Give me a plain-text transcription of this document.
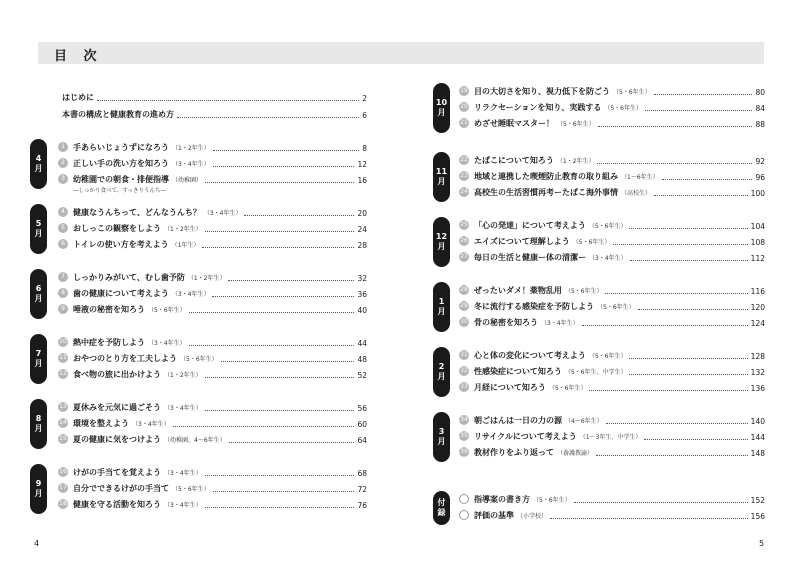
目 次
はじめに	2
本書の構成と健康教育の進め方	6
4
月
1	手あらいじょうずになろう （1・2年生）	8
2	正しい手の洗い方を知ろう （3・4年生）	12
3	幼稚園での朝食・排便指導 （幼稚園）	16
―しっかり食べて、すっきりうんち―
5
月
4	健康なうんちって、どんなうんち？ （3・4年生）	20
5	おしっこの観察をしよう （1・2年生）	24
6	トイレの使い方を考えよう （1年生）	28
6
月
7	しっかりみがいて、むし歯予防 （1・2年生）	32
8	歯の健康について考えよう （3・4年生）	36
9	唾液の秘密を知ろう （5・6年生）	40
7
月
10 熱中症を予防しよう （3・4年生）	44
11 おやつのとり方を工夫しよう （5・6年生）	48
12 食べ物の旅に出かけよう （1・2年生）	52
8
月
13 夏休みを元気に過ごそう （3・4年生）	56
14 環境を整えよう （3・4年生）	60
15 夏の健康に気をつけよう （幼稚園、4～6年生）	64
9
月
16 けがの手当てを覚えよう （3・4年生）	68
17 自分でできるけがの手当て （5・6年生）	72
18 健康を守る活動を知ろう （3・4年生）	76
10
月
19 目の大切さを知り、視力低下を防ごう （5・6年生）	80
20 リラクセーションを知り、実践する （5・6年生）	84
21 めざせ睡眠マスター！ （5・6年生）	88
11
月
22 たばこについて知ろう （1・2年生）	92
23 地域と連携した喫煙防止教育の取り組み （1～6年生）	96
24 高校生の生活習慣再考ーたばこ海外事情 （高校生）	100
12
月
25 「心の発達」について考えよう （5・6年生）	104
26 エイズについて理解しよう （5・6年生）	108
27 毎日の生活と健康ー体の清潔ー （3・4年生）	112
1
月
28 ぜったいダメ！薬物乱用 （5・6年生）	116
29 冬に流行する感染症を予防しよう （5・6年生）	120
30 骨の秘密を知ろう （3・4年生）	124
2
月
31 心と体の変化について考えよう （5・6年生）	128
32 性感染症について知ろう （5・6年生、中学生）	132
33 月経について知ろう （5・6年生）	136
3
月
34 朝ごはんは一日の力の源 （4～6年生）	140
35 リサイクルについて考えよう （1～3年生、中学生）	144
36 教材作りをふり返って （養護教諭）	148
付
録
指導案の書き方 （5・6年生）	152
評価の基準 （小学校）	156
4	5
